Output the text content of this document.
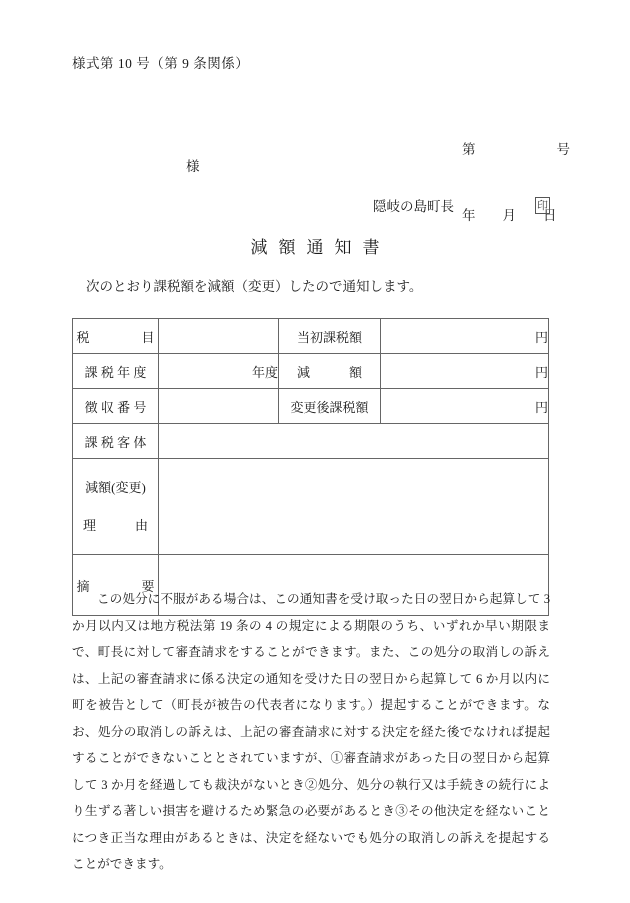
様式第 10 号（第 9 条関係）

第　　　　　　号

年　　月　　日

様
隠岐の島町長	印
減額通知書
次のとおり課税額を減額（変更）したので通知します。
税　　　　目		当初課税額	円
課 税 年 度	年度	減　　　額	円
徴 収 番 号		変更後課税額	円
課 税 客 体			

減額(変更)

理　　　由			

摘　　　　要			
この処分に不服がある場合は、この通知書を受け取った日の翌日から起算して 3 か月以内又は地方税法第 19 条の 4 の規定による期限のうち、いずれか早い期限まで、町長に対して審査請求をすることができます。また、この処分の取消しの訴えは、上記の審査請求に係る決定の通知を受けた日の翌日から起算して 6 か月以内に町を被告として（町長が被告の代表者になります。）提起することができます。なお、処分の取消しの訴えは、上記の審査請求に対する決定を経た後でなければ提起することができないこととされていますが、①審査請求があった日の翌日から起算して 3 か月を経過しても裁決がないとき②処分、処分の執行又は手続きの続行により生ずる著しい損害を避けるため緊急の必要があるとき③その他決定を経ないことにつき正当な理由があるときは、決定を経ないでも処分の取消しの訴えを提起することができます。
